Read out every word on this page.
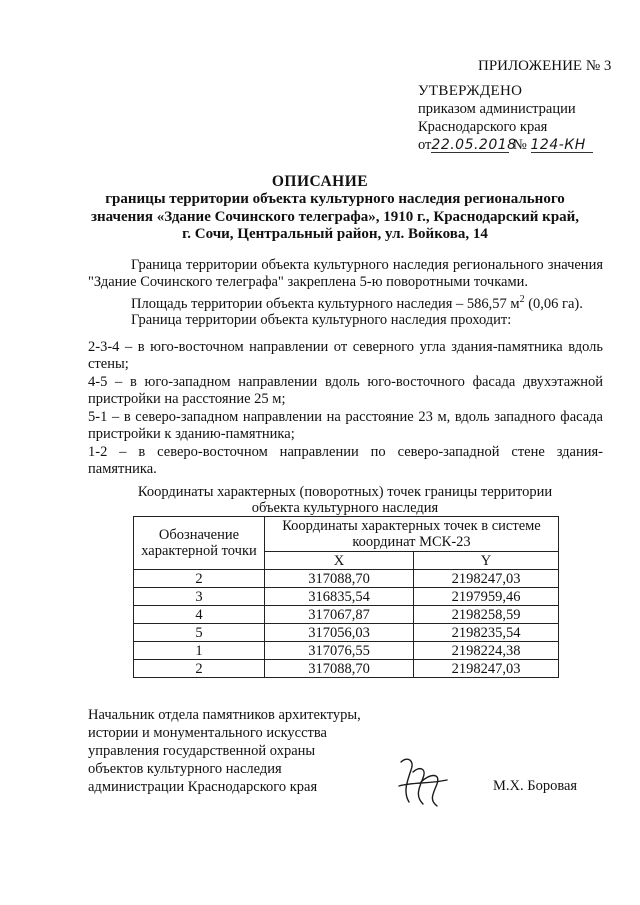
ПРИЛОЖЕНИЕ № 3
УТВЕРЖДЕНО
приказом администрации
Краснодарского края
от22.05.2018 № 124-КН
ОПИСАНИЕ
границы территории объекта культурного наследия регионального
значения «Здание Сочинского телеграфа», 1910 г., Краснодарский край,
г. Сочи, Центральный район, ул. Войкова, 14

Граница территории объекта культурного наследия регионального значения "Здание Сочинского телеграфа" закреплена 5-ю поворотными точками.

Площадь территории объекта культурного наследия – 586,57 $м^2$ (0,06 га).

Граница территории объекта культурного наследия проходит:

2-3-4 – в юго-восточном направлении от северного угла здания-памятника вдоль стены;

4-5 – в юго-западном направлении вдоль юго-восточного фасада двухэтажной пристройки на расстояние 25 м;

5-1 – в северо-западном направлении на расстояние 23 м, вдоль западного фасада пристройки к зданию-памятника;

1-2 – в северо-восточном направлении по северо-западной стене здания-памятника.

Координаты характерных (поворотных) точек границы территории
объекта культурного наследия
Обозначение характерной точки	Координаты характерных точек в системе координат МСК-23	
	X	Y
2	317088,70	2198247,03
3	316835,54	2197959,46
4	317067,87	2198258,59
5	317056,03	2198235,54
1	317076,55	2198224,38
2	317088,70	2198247,03
Начальник отдела памятников архитектуры,
истории и монументального искусства
управления государственной охраны
объектов культурного наследия
администрации Краснодарского края	М.Х. Боровая
